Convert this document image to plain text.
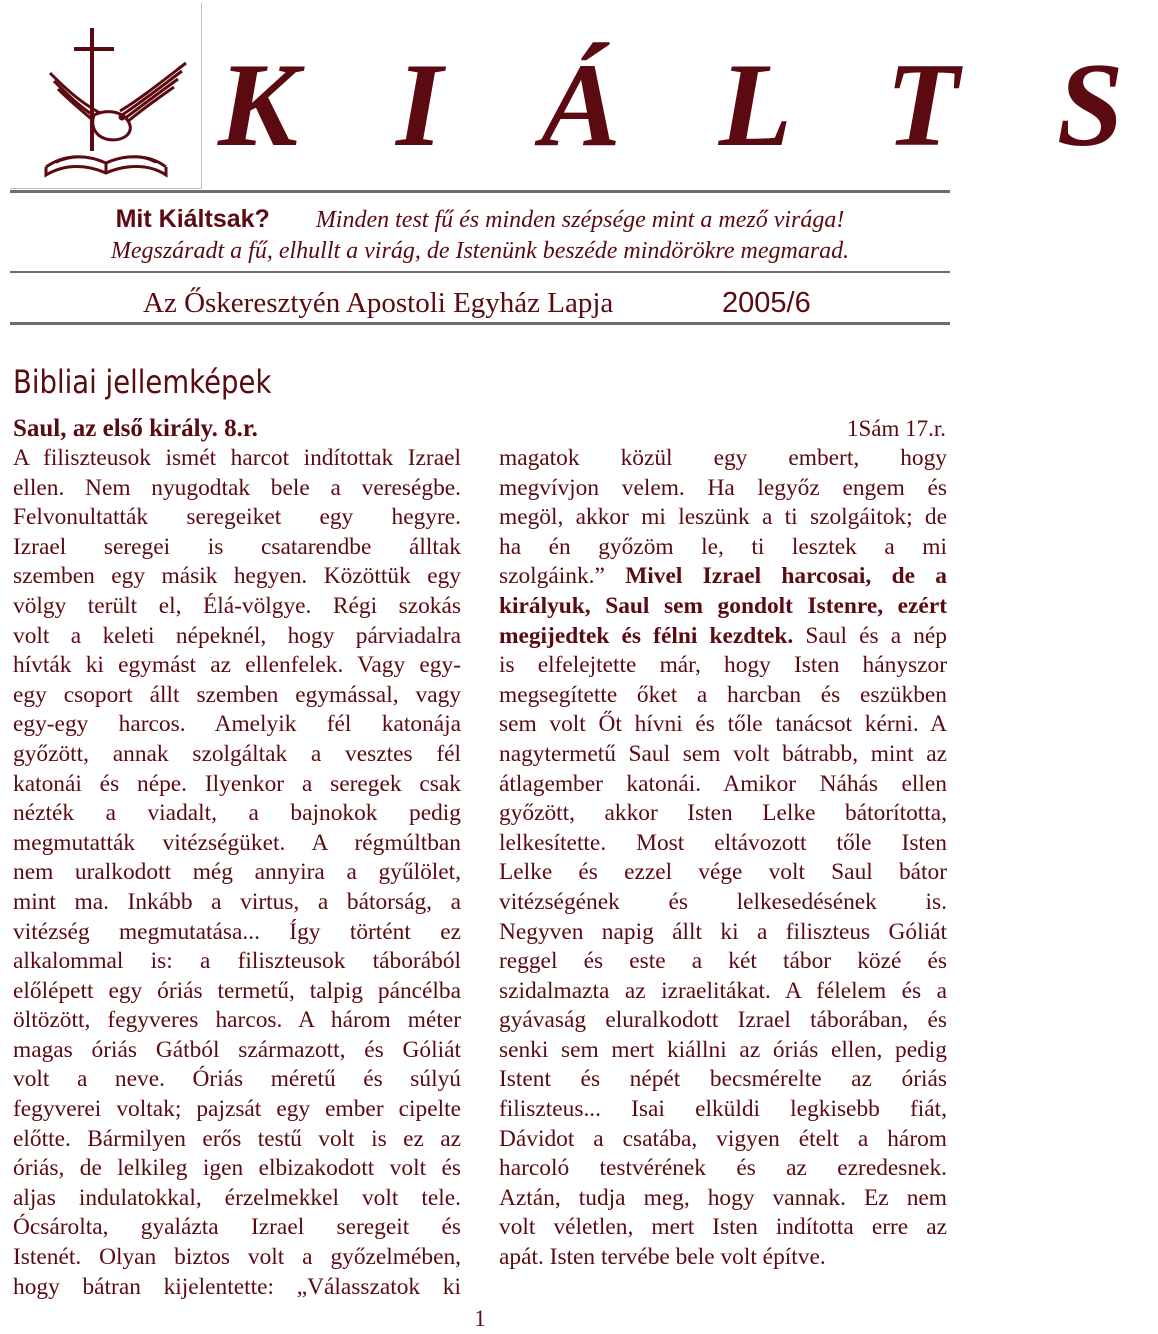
K I Á L T S
Mit Kiáltsak? Minden test fű és minden szépsége mint a mező virága!
Megszáradt a fű, elhullt a virág, de Istenünk beszéde mindörökre megmarad.
Az Őskeresztyén Apostoli Egyház Lapja	2005/6
Bibliai jellemképek
Saul, az első király. 8.r.	1Sám 17.r.
A filiszteusok ismét harcot indítottak Izrael
ellen. Nem nyugodtak bele a vereségbe.
Felvonultatták seregeiket egy hegyre.
Izrael seregei is csatarendbe álltak
szemben egy másik hegyen. Közöttük egy
völgy terült el, Élá-völgye. Régi szokás
volt a keleti népeknél, hogy párviadalra
hívták ki egymást az ellenfelek. Vagy egy-
egy csoport állt szemben egymással, vagy
egy-egy harcos. Amelyik fél katonája
győzött, annak szolgáltak a vesztes fél
katonái és népe. Ilyenkor a seregek csak
nézték a viadalt, a bajnokok pedig
megmutatták vitézségüket. A régmúltban
nem uralkodott még annyira a gyűlölet,
mint ma. Inkább a virtus, a bátorság, a
vitézség megmutatása... Így történt ez
alkalommal is: a filiszteusok táborából
előlépett egy óriás termetű, talpig páncélba
öltözött, fegyveres harcos. A három méter
magas óriás Gátból származott, és Góliát
volt a neve. Óriás méretű és súlyú
fegyverei voltak; pajzsát egy ember cipelte
előtte. Bármilyen erős testű volt is ez az
óriás, de lelkileg igen elbizakodott volt és
aljas indulatokkal, érzelmekkel volt tele.
Ócsárolta, gyalázta Izrael seregeit és
Istenét. Olyan biztos volt a győzelmében,
hogy bátran kijelentette: „Válasszatok ki
magatok közül egy embert, hogy
megvívjon velem. Ha legyőz engem és
megöl, akkor mi leszünk a ti szolgáitok; de
ha én győzöm le, ti lesztek a mi
szolgáink.” Mivel Izrael harcosai, de a
királyuk, Saul sem gondolt Istenre, ezért
megijedtek és félni kezdtek. Saul és a nép
is elfelejtette már, hogy Isten hányszor
megsegítette őket a harcban és eszükben
sem volt Őt hívni és tőle tanácsot kérni. A
nagytermetű Saul sem volt bátrabb, mint az
átlagember katonái. Amikor Náhás ellen
győzött, akkor Isten Lelke bátorította,
lelkesítette. Most eltávozott tőle Isten
Lelke és ezzel vége volt Saul bátor
vitézségének és lelkesedésének is.
Negyven napig állt ki a filiszteus Góliát
reggel és este a két tábor közé és
szidalmazta az izraelitákat. A félelem és a
gyávaság eluralkodott Izrael táborában, és
senki sem mert kiállni az óriás ellen, pedig
Istent és népét becsmérelte az óriás
filiszteus... Isai elküldi legkisebb fiát,
Dávidot a csatába, vigyen ételt a három
harcoló testvérének és az ezredesnek.
Aztán, tudja meg, hogy vannak. Ez nem
volt véletlen, mert Isten indította erre az
apát. Isten tervébe bele volt építve.
1
